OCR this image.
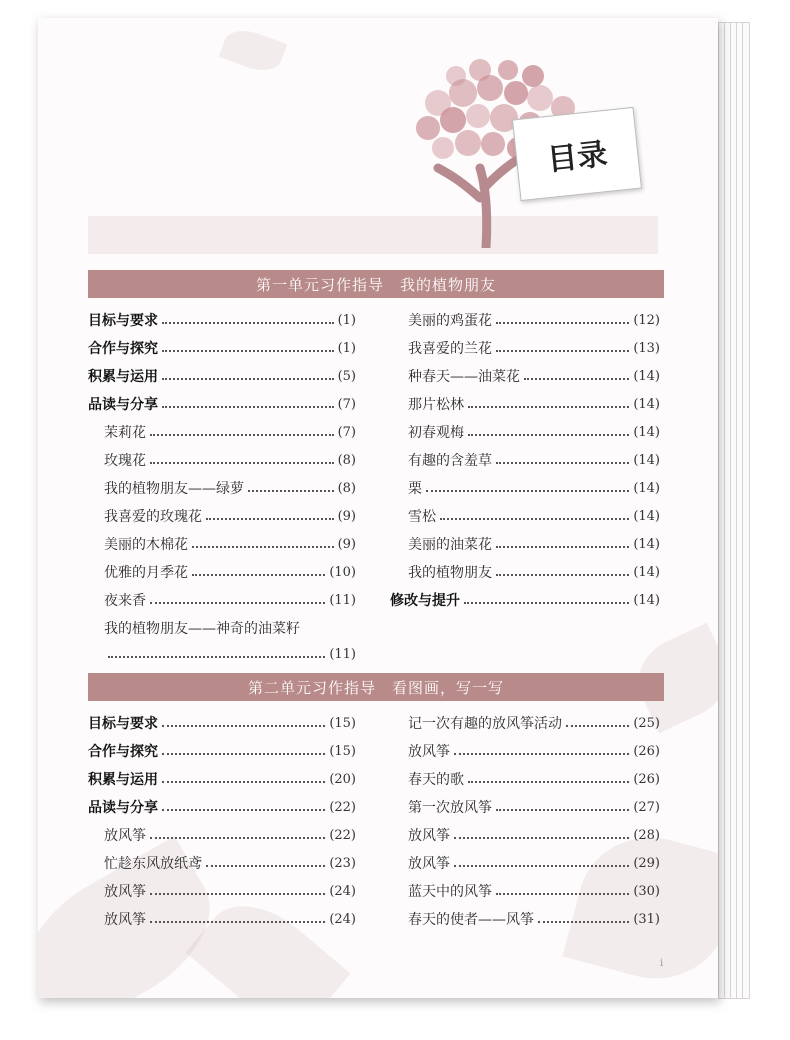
目录
第一单元习作指导　我的植物朋友
目标与要求	(1)
合作与探究	(1)
积累与运用	(5)
品读与分享	(7)
茉莉花	(7)
玫瑰花	(8)
我的植物朋友——绿萝	(8)
我喜爱的玫瑰花	(9)
美丽的木棉花	(9)
优雅的月季花	(10)
夜来香	(11)
我的植物朋友——神奇的油菜籽
(11)
美丽的鸡蛋花	(12)
我喜爱的兰花	(13)
种春天——油菜花	(14)
那片松林	(14)
初春观梅	(14)
有趣的含羞草	(14)
栗	(14)
雪松	(14)
美丽的油菜花	(14)
我的植物朋友	(14)
修改与提升	(14)
第二单元习作指导　看图画，写一写
目标与要求	(15)
合作与探究	(15)
积累与运用	(20)
品读与分享	(22)
放风筝	(22)
忙趁东风放纸鸢	(23)
放风筝	(24)
放风筝	(24)
记一次有趣的放风筝活动	(25)
放风筝	(26)
春天的歌	(26)
第一次放风筝	(27)
放风筝	(28)
放风筝	(29)
蓝天中的风筝	(30)
春天的使者——风筝	(31)
i
